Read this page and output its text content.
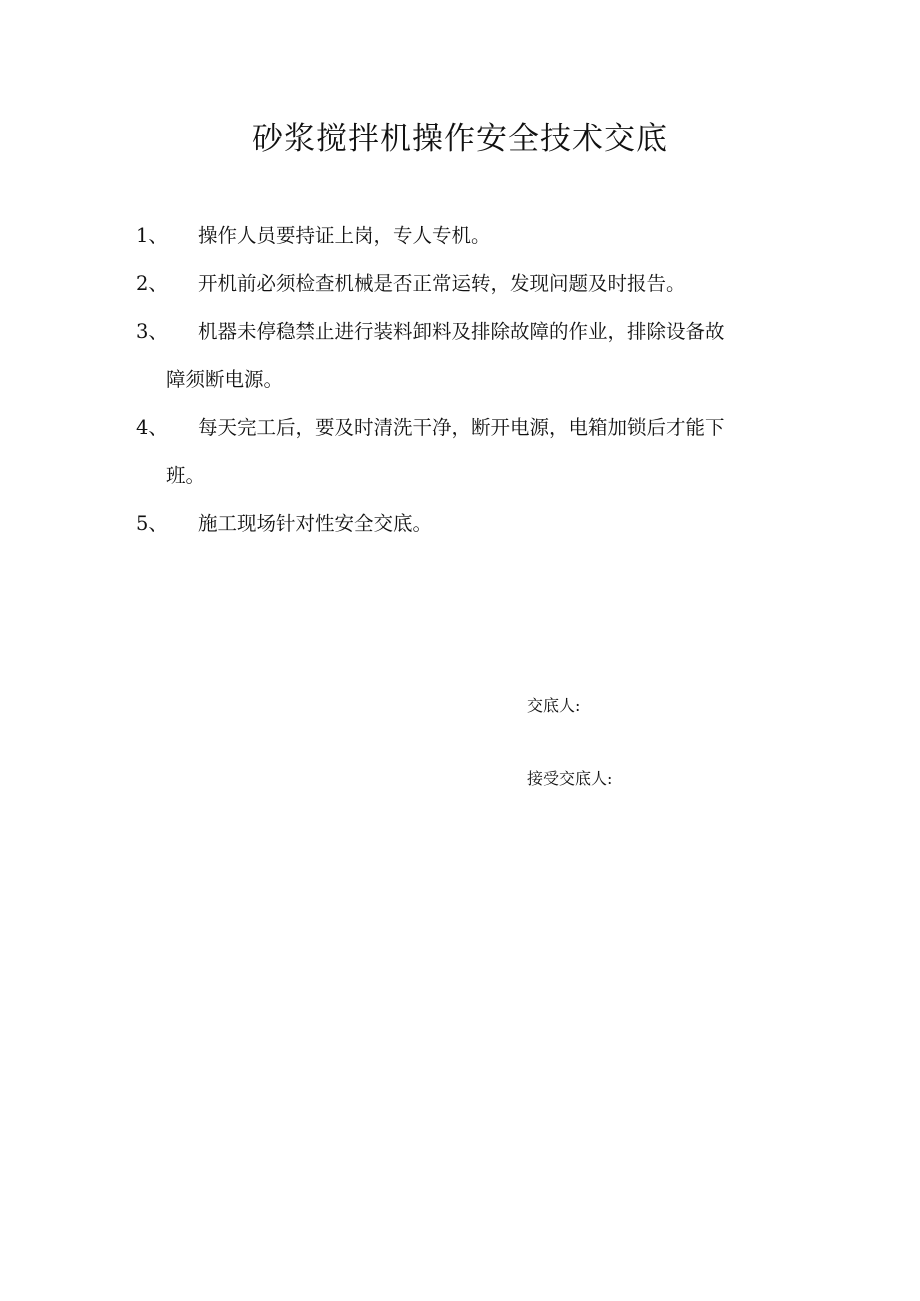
砂浆搅拌机操作安全技术交底
1、	操作人员要持证上岗，专人专机。
2、	开机前必须检查机械是否正常运转，发现问题及时报告。
3、	机器未停稳禁止进行装料卸料及排除故障的作业，排除设备故
障须断电源。
4、	每天完工后，要及时清洗干净，断开电源，电箱加锁后才能下
班。
5、	施工现场针对性安全交底。
交底人:
接受交底人:
